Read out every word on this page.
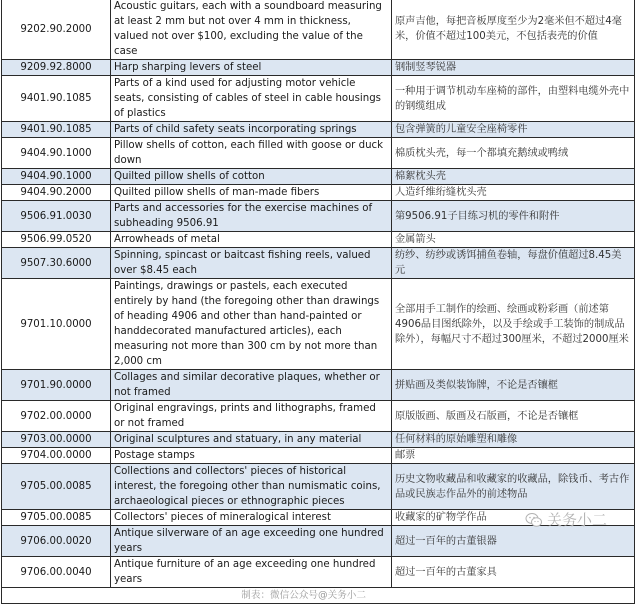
9202.90.2000	Acoustic guitars, each with a soundboard measuring at least 2 mm but not over 4 mm in thickness, valued not over $100, excluding the value of the case	原声吉他，每把音板厚度至少为2毫米但不超过4毫米，价值不超过100美元，不包括表壳的价值
9209.92.8000	Harp sharping levers of steel	钢制竖琴锐器
9401.90.1085	Parts of a kind used for adjusting motor vehicle seats, consisting of cables of steel in cable housings of plastics	一种用于调节机动车座椅的部件，由塑料电缆外壳中的钢缆组成
9401.90.1085	Parts of child safety seats incorporating springs	包含弹簧的儿童安全座椅零件
9404.90.1000	Pillow shells of cotton, each filled with goose or duck down	棉质枕头壳，每一个都填充鹅绒或鸭绒
9404.90.1000	Quilted pillow shells of cotton	棉絮枕头壳
9404.90.2000	Quilted pillow shells of man-made fibers	人造纤维绗缝枕头壳
9506.91.0030	Parts and accessories for the exercise machines of subheading 9506.91	第9506.91子目练习机的零件和附件
9506.99.0520	Arrowheads of metal	金属箭头
9507.30.6000	Spinning, spincast or baitcast fishing reels, valued over $8.45 each	纺纱、纺纱或诱饵捕鱼卷轴，每盘价值超过8.45美元
9701.10.0000	Paintings, drawings or pastels, each executed entirely by hand (the foregoing other than drawings of heading 4906 and other than hand-painted or handdecorated manufactured articles), each measuring not more than 300 cm by not more than 2,000 cm	全部用手工制作的绘画、绘画或粉彩画（前述第4906品目图纸除外，以及手绘或手工装饰的制成品除外），每幅尺寸不超过300厘米，不超过2000厘米
9701.90.0000	Collages and similar decorative plaques, whether or not framed	拼贴画及类似装饰牌，不论是否镶框
9702.00.0000	Original engravings, prints and lithographs, framed or not framed	原版版画、版画及石版画，不论是否镶框
9703.00.0000	Original sculptures and statuary, in any material	任何材料的原始雕塑和雕像
9704.00.0000	Postage stamps	邮票
9705.00.0085	Collections and collectors' pieces of historical interest, the foregoing other than numismatic coins, archaeological pieces or ethnographic pieces	历史文物收藏品和收藏家的收藏品，除钱币、考古作品或民族志作品外的前述物品
9705.00.0085	Collectors' pieces of mineralogical interest	收藏家的矿物学作品
9706.00.0020	Antique silverware of an age exceeding one hundred years	超过一百年的古董银器
9706.00.0040	Antique furniture of an age exceeding one hundred years	超过一百年的古董家具
制表：微信公众号@关务小二		
关务小二
